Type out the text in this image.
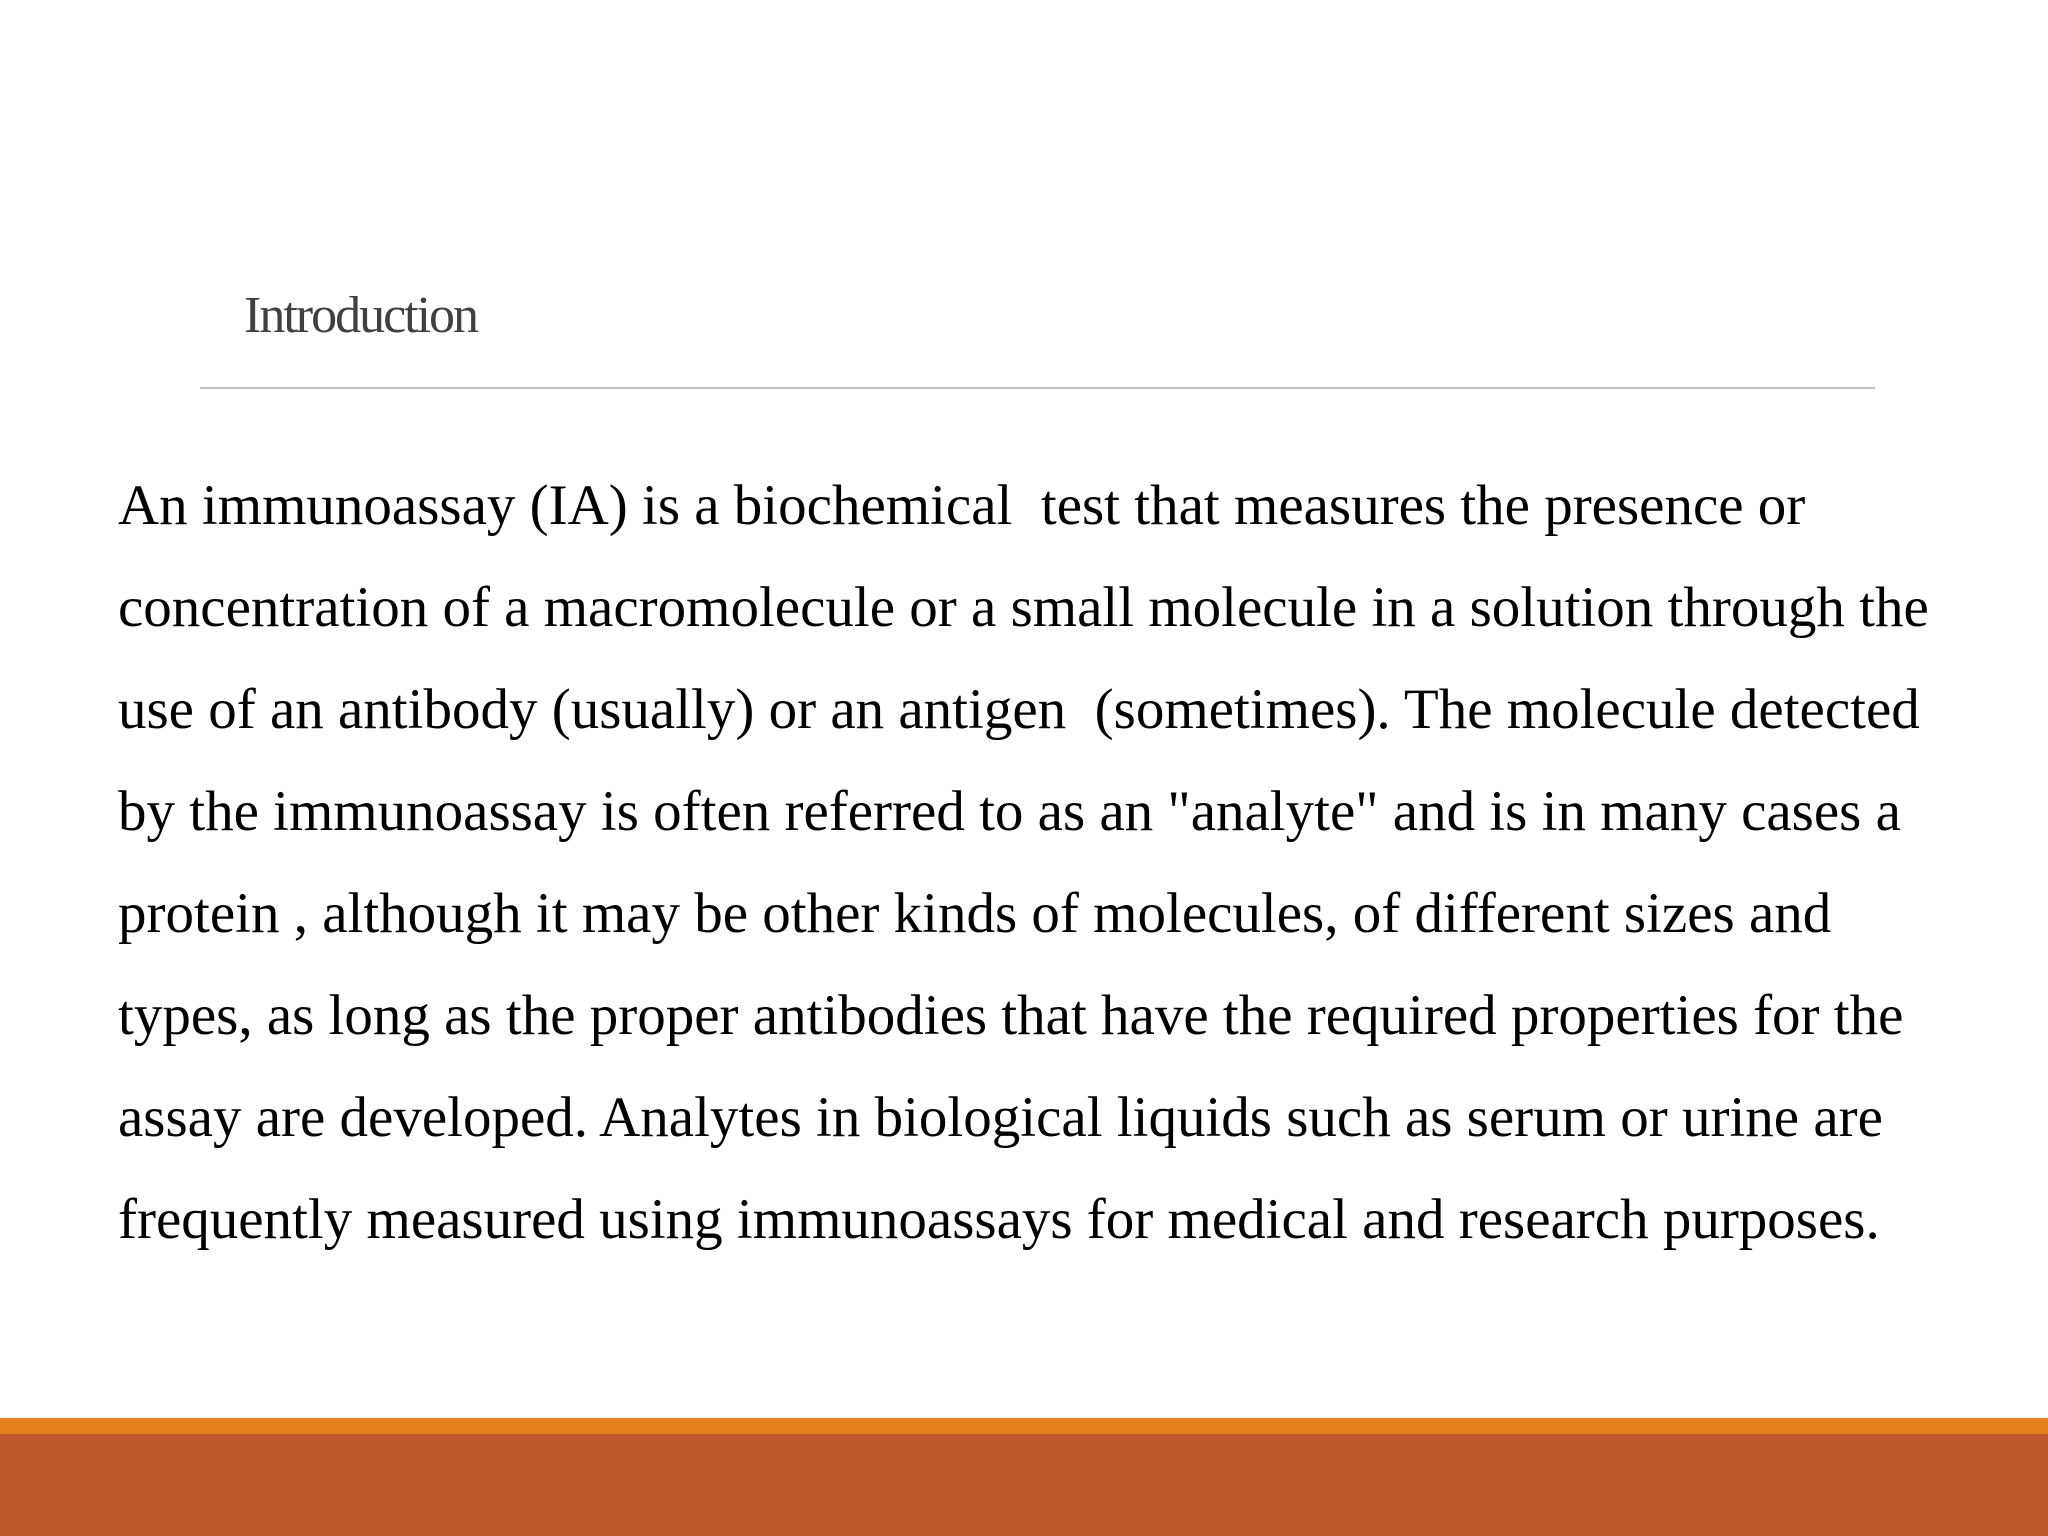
Introduction
An immunoassay (IA) is a biochemical  test that measures the presence or
concentration of a macromolecule or a small molecule in a solution through the
use of an antibody (usually) or an antigen  (sometimes). The molecule detected
by the immunoassay is often referred to as an "analyte" and is in many cases a
protein , although it may be other kinds of molecules, of different sizes and
types, as long as the proper antibodies that have the required properties for the
assay are developed. Analytes in biological liquids such as serum or urine are
frequently measured using immunoassays for medical and research purposes.
